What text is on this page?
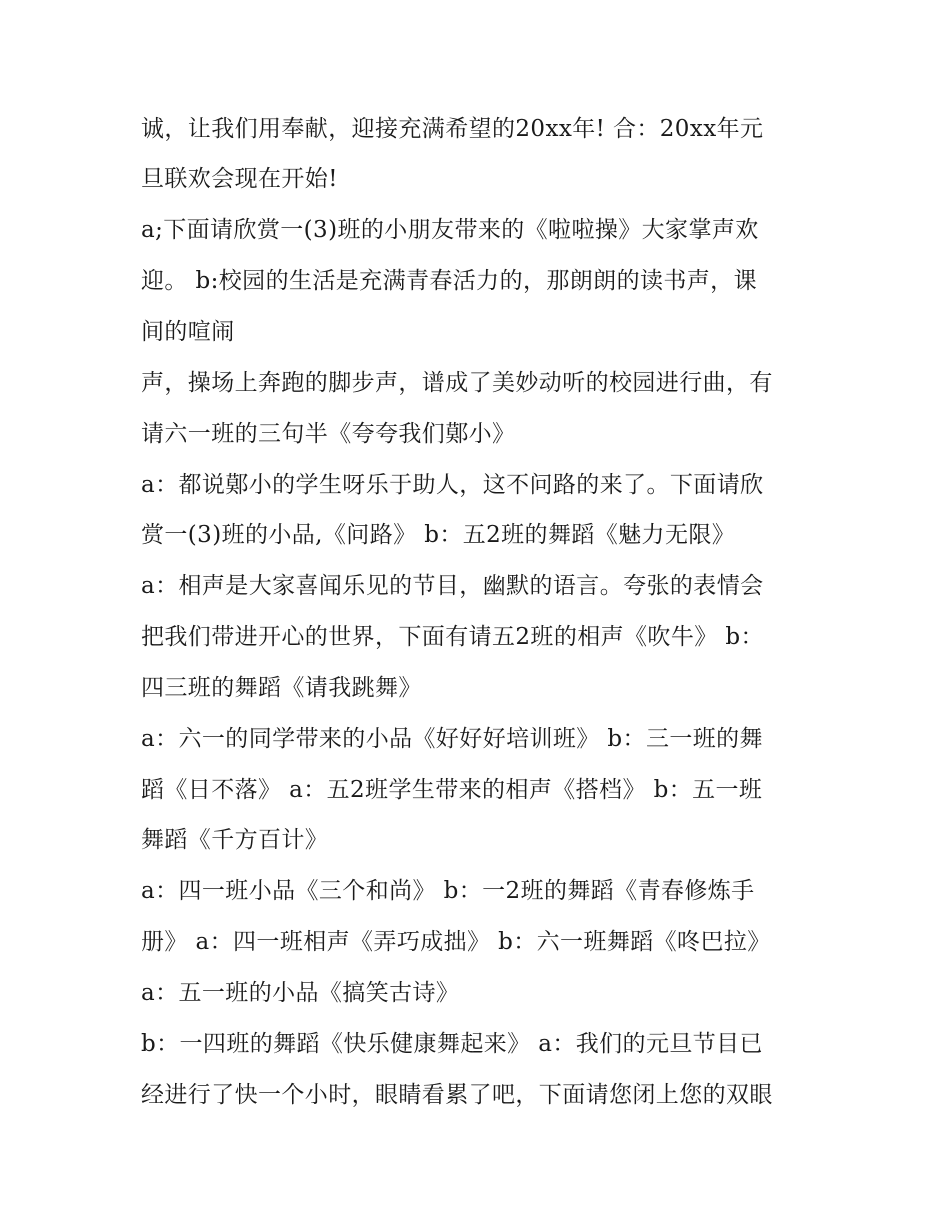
诚，让我们用奉献，迎接充满希望的20xx年! 合：20xx年元
旦联欢会现在开始!
a;下面请欣赏一(3)班的小朋友带来的《啦啦操》大家掌声欢
迎。 b:校园的生活是充满青春活力的，那朗朗的读书声，课
间的喧闹
声，操场上奔跑的脚步声，谱成了美妙动听的校园进行曲，有
请六一班的三句半《夸夸我们鄚小》
a：都说鄚小的学生呀乐于助人，这不问路的来了。下面请欣
赏一(3)班的小品,《问路》 b：五2班的舞蹈《魅力无限》
a：相声是大家喜闻乐见的节目，幽默的语言。夸张的表情会
把我们带进开心的世界，下面有请五2班的相声《吹牛》 b：
四三班的舞蹈《请我跳舞》
a：六一的同学带来的小品《好好好培训班》 b：三一班的舞
蹈《日不落》 a：五2班学生带来的相声《搭档》 b：五一班
舞蹈《千方百计》
a：四一班小品《三个和尚》 b：一2班的舞蹈《青春修炼手
册》 a：四一班相声《弄巧成拙》 b：六一班舞蹈《咚巴拉》
a：五一班的小品《搞笑古诗》
b：一四班的舞蹈《快乐健康舞起来》 a：我们的元旦节目已
经进行了快一个小时，眼睛看累了吧，下面请您闭上您的双眼
